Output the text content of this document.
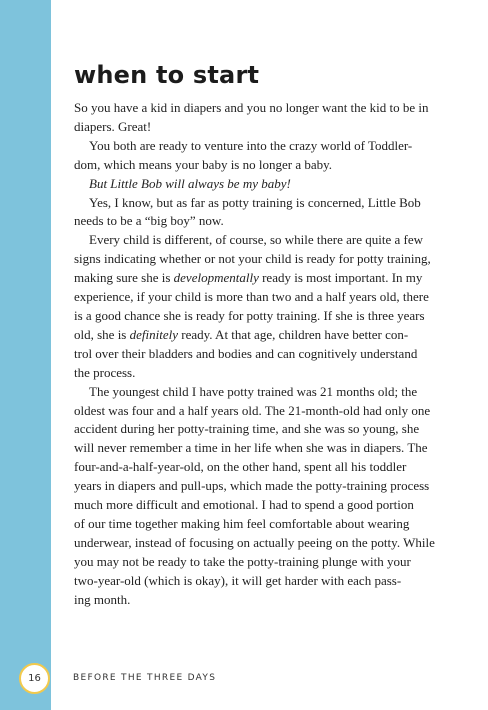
when to start
So you have a kid in diapers and you no longer want the kid to be in
diapers. Great!
You both are ready to venture into the crazy world of Toddler-
dom, which means your baby is no longer a baby.
But Little Bob will always be my baby!
Yes, I know, but as far as potty training is concerned, Little Bob
needs to be a “big boy” now.
Every child is different, of course, so while there are quite a few
signs indicating whether or not your child is ready for potty training,
making sure she is developmentally ready is most important. In my
experience, if your child is more than two and a half years old, there
is a good chance she is ready for potty training. If she is three years
old, she is definitely ready. At that age, children have better con-
trol over their bladders and bodies and can cognitively understand
the process.
The youngest child I have potty trained was 21 months old; the
oldest was four and a half years old. The 21-month-old had only one
accident during her potty-training time, and she was so young, she
will never remember a time in her life when she was in diapers. The
four-and-a-half-year-old, on the other hand, spent all his toddler
years in diapers and pull-ups, which made the potty-training process
much more difficult and emotional. I had to spend a good portion
of our time together making him feel comfortable about wearing
underwear, instead of focusing on actually peeing on the potty. While
you may not be ready to take the potty-training plunge with your
two-year-old (which is okay), it will get harder with each pass-
ing month.
16	BEFORE THE THREE DAYS
